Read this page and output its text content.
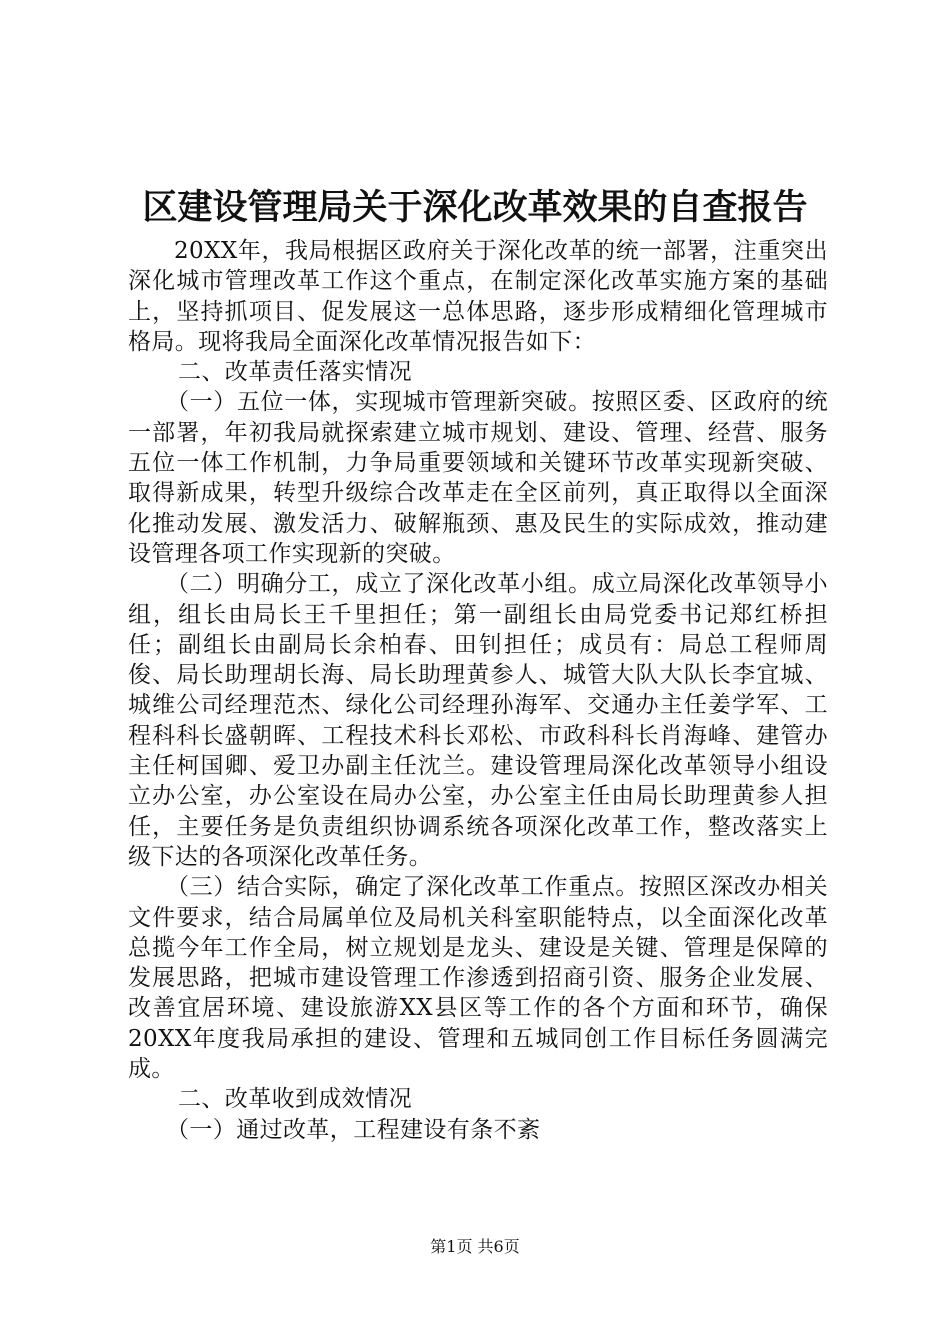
区建设管理局关于深化改革效果的自查报告

20XX年，我局根据区政府关于深化改革的统一部署，注重突出深化城市管理改革工作这个重点，在制定深化改革实施方案的基础上，坚持抓项目、促发展这一总体思路，逐步形成精细化管理城市格局。现将我局全面深化改革情况报告如下：

二、改革责任落实情况

（一）五位一体，实现城市管理新突破。按照区委、区政府的统一部署，年初我局就探索建立城市规划、建设、管理、经营、服务五位一体工作机制，力争局重要领域和关键环节改革实现新突破、取得新成果，转型升级综合改革走在全区前列，真正取得以全面深化推动发展、激发活力、破解瓶颈、惠及民生的实际成效，推动建设管理各项工作实现新的突破。

（二）明确分工，成立了深化改革小组。成立局深化改革领导小组，组长由局长王千里担任；第一副组长由局党委书记郑红桥担任；副组长由副局长余柏春、田钊担任；成员有：局总工程师周俊、局长助理胡长海、局长助理黄参人、城管大队大队长李宜城、城维公司经理范杰、绿化公司经理孙海军、交通办主任姜学军、工程科科长盛朝晖、工程技术科长邓松、市政科科长肖海峰、建管办主任柯国卿、爱卫办副主任沈兰。建设管理局深化改革领导小组设立办公室，办公室设在局办公室，办公室主任由局长助理黄参人担任，主要任务是负责组织协调系统各项深化改革工作，整改落实上级下达的各项深化改革任务。

（三）结合实际，确定了深化改革工作重点。按照区深改办相关文件要求，结合局属单位及局机关科室职能特点，以全面深化改革总揽今年工作全局，树立规划是龙头、建设是关键、管理是保障的发展思路，把城市建设管理工作渗透到招商引资、服务企业发展、改善宜居环境、建设旅游XX县区等工作的各个方面和环节，确保20XX年度我局承担的建设、管理和五城同创工作目标任务圆满完成。

二、改革收到成效情况

（一）通过改革，工程建设有条不紊

第1页 共6页
